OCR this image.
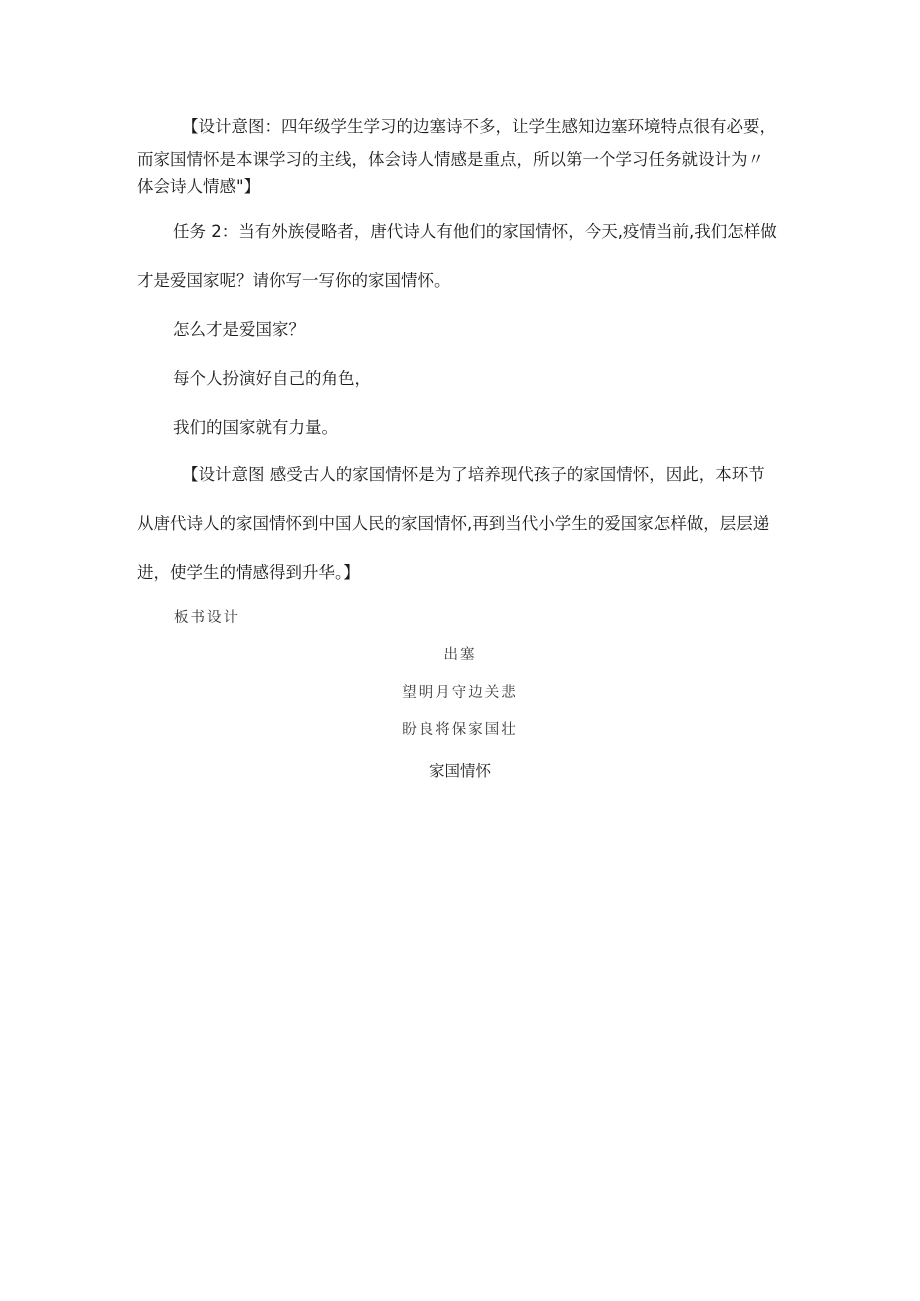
【设计意图：四年级学生学习的边塞诗不多，让学生感知边塞环境特点很有必要，
而家国情怀是本课学习的主线，体会诗人情感是重点，所以第一个学习任务就设计为〃
体会诗人情感"】
任务 2：当有外族侵略者，唐代诗人有他们的家国情怀，今天,疫情当前,我们怎样做
才是爱国家呢？请你写一写你的家国情怀。
怎么才是爱国家？
每个人扮演好自己的角色，
我们的国家就有力量。
【设计意图 感受古人的家国情怀是为了培养现代孩子的家国情怀，因此，本环节
从唐代诗人的家国情怀到中国人民的家国情怀,再到当代小学生的爱国家怎样做，层层递
进，使学生的情感得到升华。】
板书设计
出塞
望明月守边关悲
盼良将保家国壮
家国情怀
